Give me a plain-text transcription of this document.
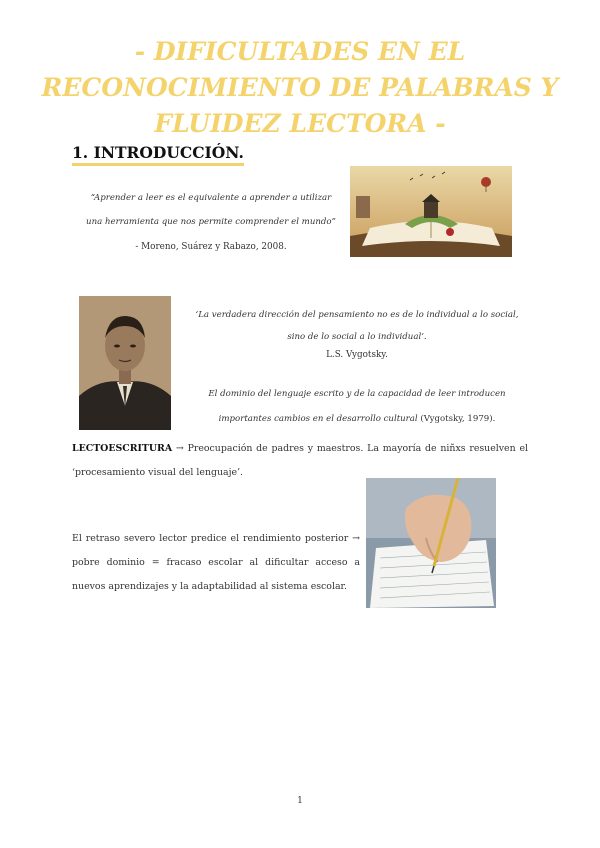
- DIFICULTADES EN EL RECONOCIMIENTO DE PALABRAS Y FLUIDEZ LECTORA -
1. INTRODUCCIÓN.
“Aprender a leer es el equivalente a aprender a utilizar una herramienta que nos permite comprender el mundo”
- Moreno, Suárez y Rabazo, 2008.
‘La verdadera dirección del pensamiento no es de lo individual a lo social, sino de lo social a lo individual’.
L.S. Vygotsky.
El dominio del lenguaje escrito y de la capacidad de leer introducen importantes cambios en el desarrollo cultural (Vygotsky, 1979).
LECTOESCRITURA → Preocupación de padres y maestros. La mayoría de niñxs resuelven el ‘procesamiento visual del lenguaje’.
El retraso severo lector predice el rendimiento posterior → pobre dominio = fracaso escolar al dificultar acceso a nuevos aprendizajes y la adaptabilidad al sistema escolar.
1
